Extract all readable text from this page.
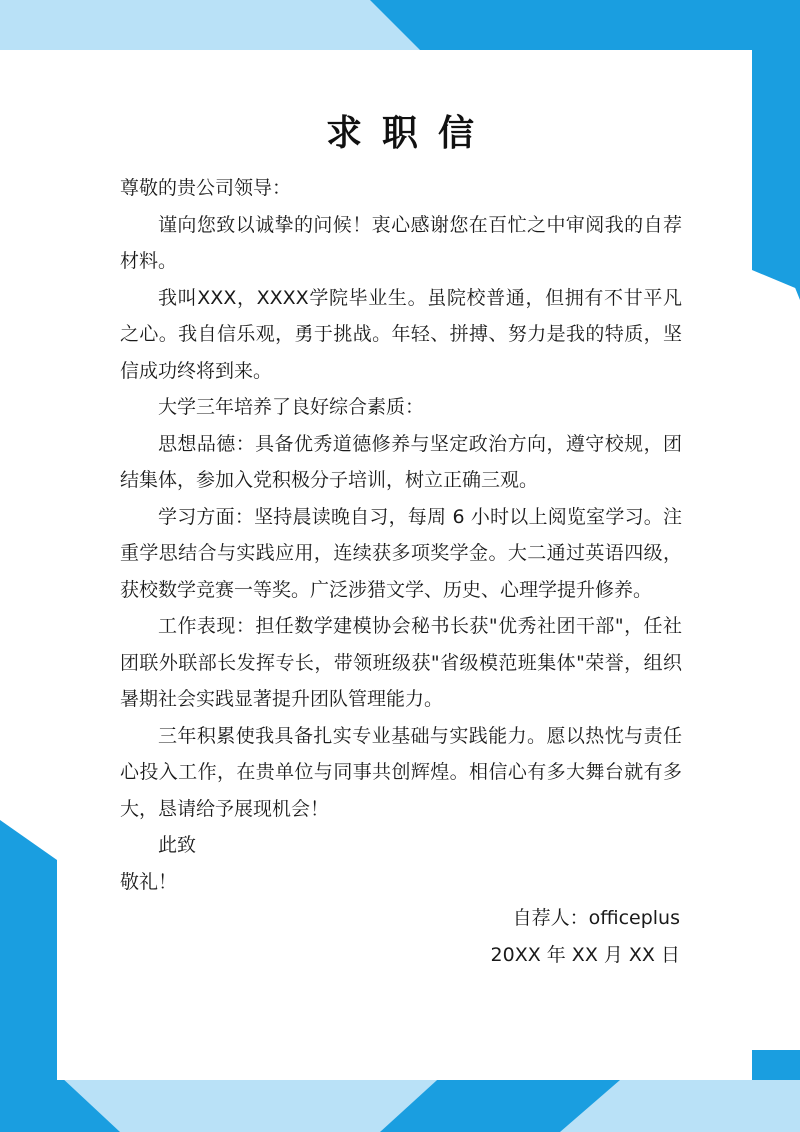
求职信

尊敬的贵公司领导：

谨向您致以诚挚的问候！衷心感谢您在百忙之中审阅我的自荐材料。

我叫XXX，XXXX学院毕业生。虽院校普通，但拥有不甘平凡之心。我自信乐观，勇于挑战。年轻、拼搏、努力是我的特质，坚信成功终将到来。

大学三年培养了良好综合素质：

思想品德：具备优秀道德修养与坚定政治方向，遵守校规，团结集体，参加入党积极分子培训，树立正确三观。

学习方面：坚持晨读晚自习，每周 6 小时以上阅览室学习。注重学思结合与实践应用，连续获多项奖学金。大二通过英语四级，获校数学竞赛一等奖。广泛涉猎文学、历史、心理学提升修养。

工作表现：担任数学建模协会秘书长获"优秀社团干部"，任社团联外联部长发挥专长，带领班级获"省级模范班集体"荣誉，组织暑期社会实践显著提升团队管理能力。

三年积累使我具备扎实专业基础与实践能力。愿以热忱与责任心投入工作，在贵单位与同事共创辉煌。相信心有多大舞台就有多大，恳请给予展现机会！

此致

敬礼！

自荐人：officeplus

20XX 年 XX 月 XX 日
